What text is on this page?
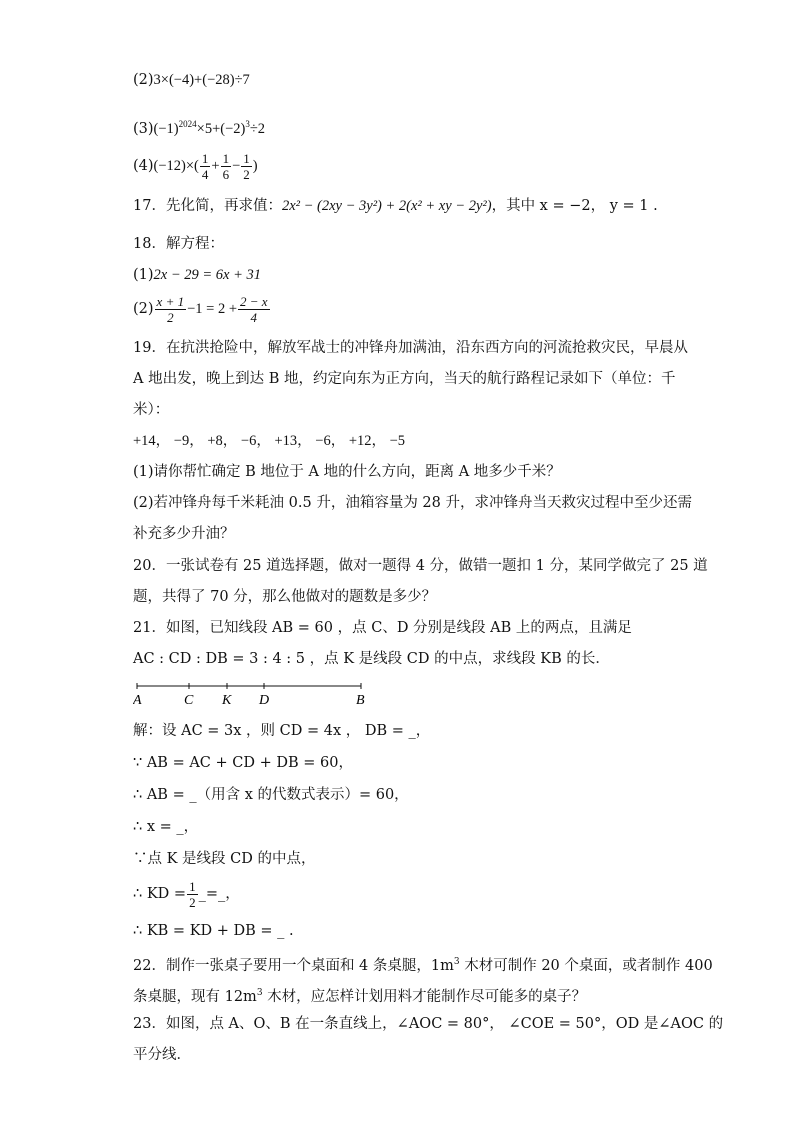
(2)3×(−4)+(−28)÷7
$(3)(-1)^{2024}\times 5+(-2)^3\div 2$
$(4)(-12)\times( \frac{1}{4} + \frac{1}{6} - \frac{1}{2}$ )
17．先化简，再求值：2x² − (2xy − 3y²) + 2(x² + xy − 2y²)，其中 x = −2， y = 1 .
18．解方程：
(1)2x − 29 = 6x + 31
$(2) \frac{x + 1}{2} -1 = 2 + \frac{2 - x}{4}$
19．在抗洪抢险中，解放军战士的冲锋舟加满油，沿东西方向的河流抢救灾民，早晨从
A 地出发，晚上到达 B 地，约定向东为正方向，当天的航行路程记录如下（单位：千
米）：
+14， −9， +8， −6， +13， −6， +12， −5
(1)请你帮忙确定 B 地位于 A 地的什么方向，距离 A 地多少千米？
(2)若冲锋舟每千米耗油 0.5 升，油箱容量为 28 升，求冲锋舟当天救灾过程中至少还需
补充多少升油？
20．一张试卷有 25 道选择题，做对一题得 4 分，做错一题扣 1 分，某同学做完了 25 道
题，共得了 70 分，那么他做对的题数是多少？
21．如图，已知线段 AB = 60 ，点 C、D 分别是线段 AB 上的两点，且满足
AC : CD : DB = 3 : 4 : 5 ，点 K 是线段 CD 的中点，求线段 KB 的长．
A	C K D	B
解：设 AC = 3x ，则 CD = 4x ， DB = _，
∵ AB = AC + CD + DB = 60，
∴ AB = _（用含 x 的代数式表示）= 60，
∴ x = _，
∵点 K 是线段 CD 的中点，
∴ KD = $\frac{1}{2}$ _=_，
∴ KB = KD + DB = _ .
22．制作一张桌子要用一个桌面和 4 条桌腿，$1m^3$ 木材可制作 20 个桌面，或者制作 400
条桌腿，现有 $12m^3$ 木材，应怎样计划用料才能制作尽可能多的桌子？
23．如图，点 A、O、B 在一条直线上，∠AOC = 80°， ∠COE = 50°，OD 是∠AOC 的
平分线．
